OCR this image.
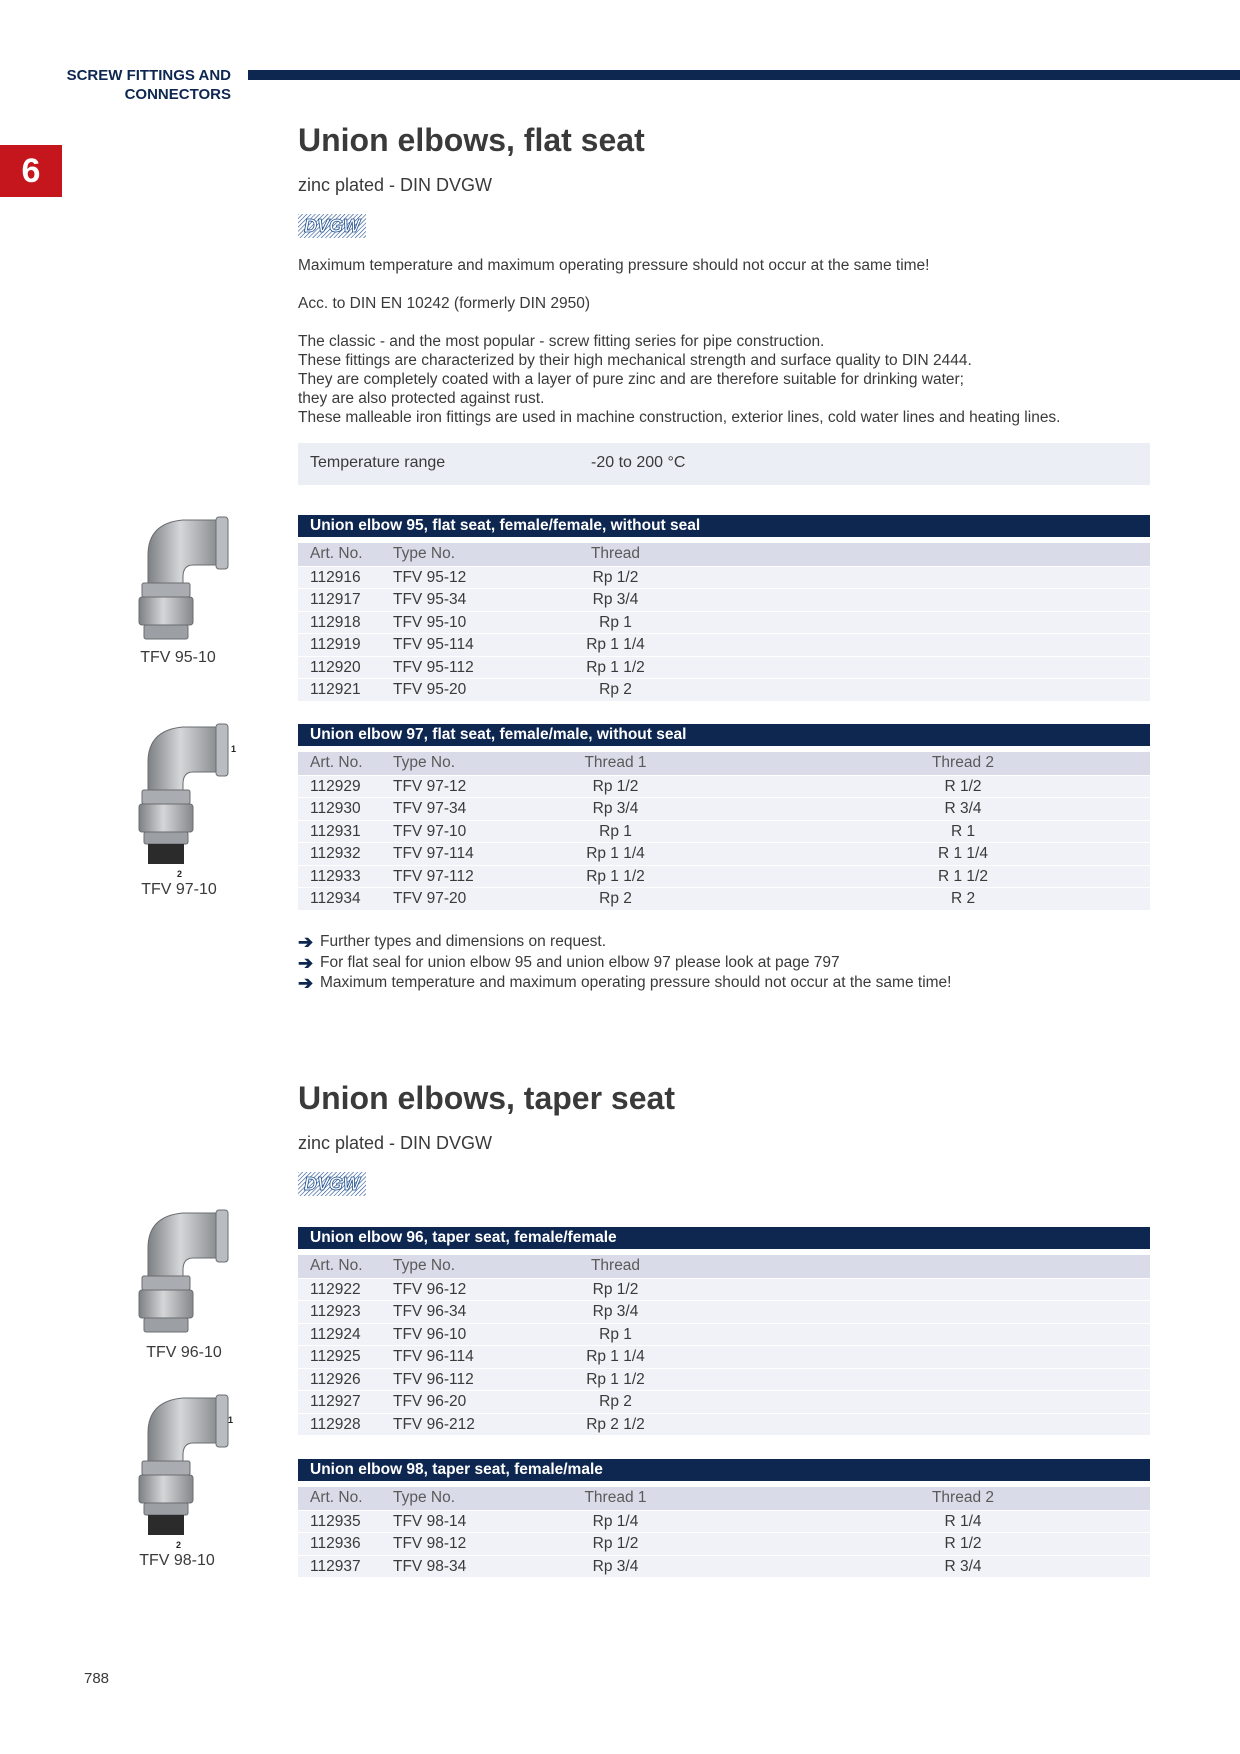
SCREW FITTINGS AND
CONNECTORS
6
Union elbows, flat seat
zinc plated - DIN DVGW
DVGW
Maximum temperature and maximum operating pressure should not occur at the same time!
Acc. to DIN EN 10242 (formerly DIN 2950)
The classic - and the most popular - screw fitting series for pipe construction.
These fittings are characterized by their high mechanical strength and surface quality to DIN 2444.
They are completely coated with a layer of pure zinc and are therefore suitable for drinking water;
they are also protected against rust.
These malleable iron fittings are used in machine construction, exterior lines, cold water lines and heating lines.
Temperature range	-20 to 200 °C
Union elbow 95, flat seat, female/female, without seal
Art. No.	Type No.	Thread
112916	TFV 95-12	Rp 1/2
112917	TFV 95-34	Rp 3/4
112918	TFV 95-10	Rp 1
112919	TFV 95-114	Rp 1 1/4
112920	TFV 95-112	Rp 1 1/2
112921	TFV 95-20	Rp 2
Union elbow 97, flat seat, female/male, without seal
Art. No.	Type No.	Thread 1	Thread 2
112929	TFV 97-12	Rp 1/2	R 1/2
112930	TFV 97-34	Rp 3/4	R 3/4
112931	TFV 97-10	Rp 1	R 1
112932	TFV 97-114	Rp 1 1/4	R 1 1/4
112933	TFV 97-112	Rp 1 1/2	R 1 1/2
112934	TFV 97-20	Rp 2	R 2
Union elbow 96, taper seat, female/female
Art. No.	Type No.	Thread
112922	TFV 96-12	Rp 1/2
112923	TFV 96-34	Rp 3/4
112924	TFV 96-10	Rp 1
112925	TFV 96-114	Rp 1 1/4
112926	TFV 96-112	Rp 1 1/2
112927	TFV 96-20	Rp 2
112928	TFV 96-212	Rp 2 1/2
Union elbow 98, taper seat, female/male
Art. No.	Type No.	Thread 1	Thread 2
112935	TFV 98-14	Rp 1/4	R 1/4
112936	TFV 98-12	Rp 1/2	R 1/2
112937	TFV 98-34	Rp 3/4	R 3/4
➔ Further types and dimensions on request.
➔ For flat seal for union elbow 95 and union elbow 97 please look at page 797
➔ Maximum temperature and maximum operating pressure should not occur at the same time!
Union elbows, taper seat
zinc plated - DIN DVGW
DVGW
TFV 95-10
1
2
TFV 97-10
TFV 96-10
1
2
TFV 98-10
788
